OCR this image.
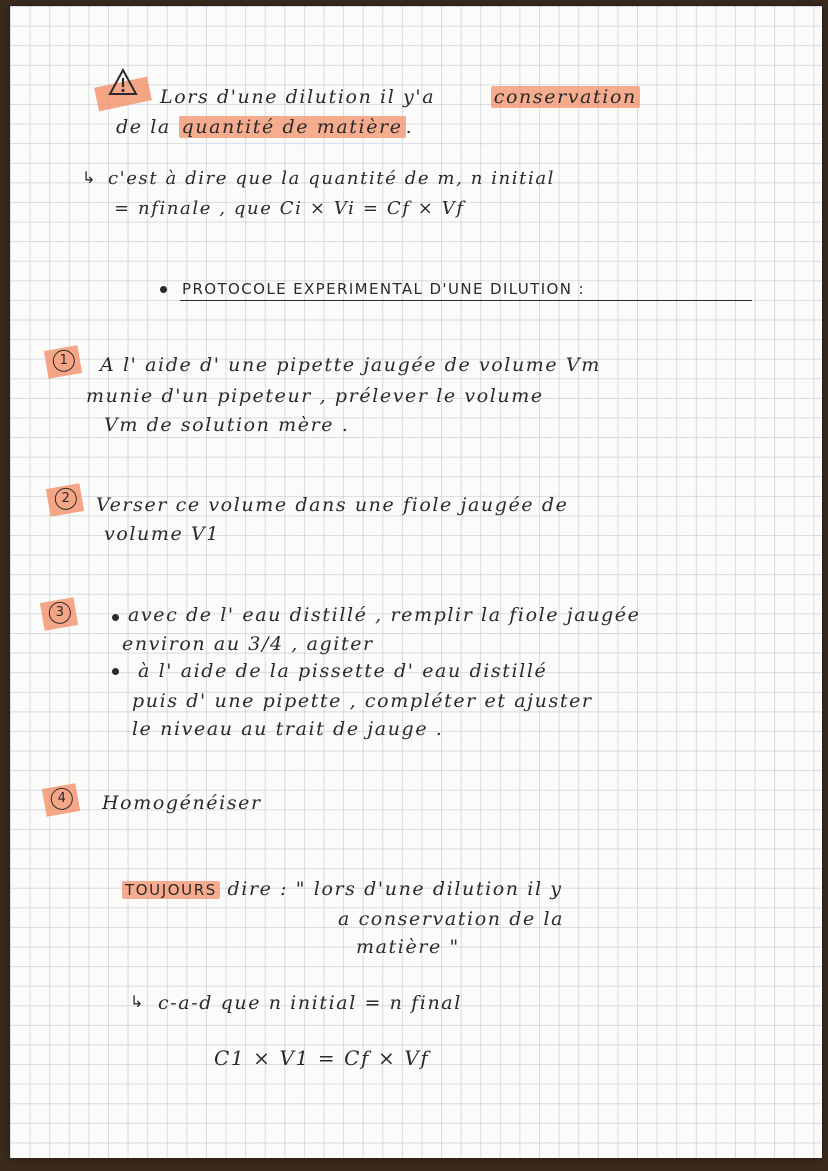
Lors d'une dilution il y'a	conservation
de la quantité de matière .
↳ c'est à dire que la quantité de m, n initial
= nfinale , que Ci × Vi = Cf × Vf
PROTOCOLE EXPERIMENTAL D'UNE DILUTION :
1	A l' aide d' une pipette jaugée de volume Vm
munie d'un pipeteur , prélever le volume
Vm de solution mère .
2	Verser ce volume dans une fiole jaugée de
volume V1
3	avec de l' eau distillé , remplir la fiole jaugée
environ au 3/4 , agiter
à l' aide de la pissette d' eau distillé
puis d' une pipette , compléter et ajuster
le niveau au trait de jauge .
4	Homogénéiser
TOUJOURS dire : " lors d'une dilution il y
a conservation de la
matière "
↳ c-a-d que n initial = n final
C1 × V1 = Cf × Vf
